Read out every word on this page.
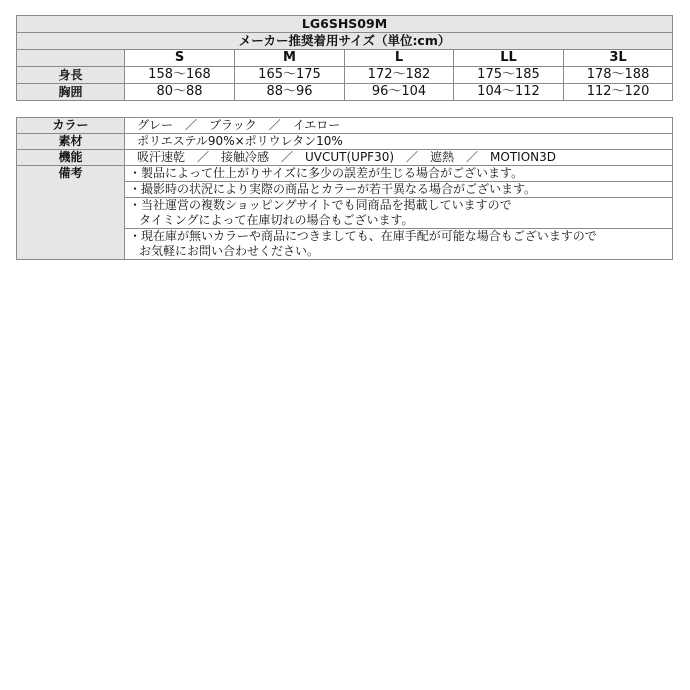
LG6SHS09M					
メーカー推奨着用サイズ（単位:cm）					
	S	M	L	LL	3L
身長	158～168	165～175	172～182	175～185	178～188
胸囲	80～88	88～96	96～104	104～112	112～120
カラー	グレー　／　ブラック　／　イエロー
素材	ポリエステル90%×ポリウレタン10%
機能	吸汗速乾　／　接触冷感　／　UVCUT(UPF30)　／　遮熱　／　MOTION3D
備考	・製品によって仕上がりサイズに多少の誤差が生じる場合がございます。

	・撮影時の状況により実際の商品とカラーが若干異なる場合がございます。

	・当社運営の複数ショッピングサイトでも同商品を掲載していますので
タイミングによって在庫切れの場合もございます。

	・現在庫が無いカラーや商品につきましても、在庫手配が可能な場合もございますので
お気軽にお問い合わせください。
